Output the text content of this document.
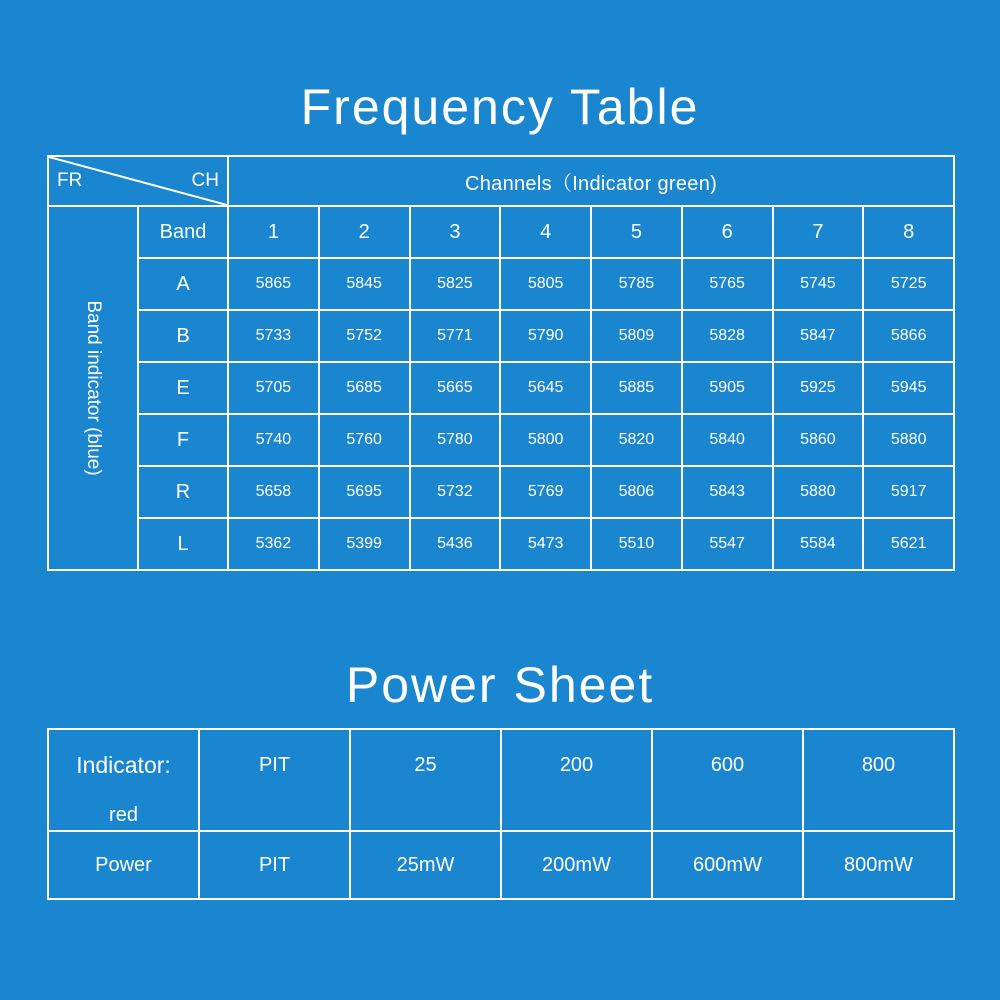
Frequency Table
FR CH		Channels（Indicator green)							

Band indicator (blue)	Band	1	2	3	4	5	6	7	8
	A	5865	5845	5825	5805	5785	5765	5745	5725
	B	5733	5752	5771	5790	5809	5828	5847	5866
	E	5705	5685	5665	5645	5885	5905	5925	5945
	F	5740	5760	5780	5800	5820	5840	5860	5880
	R	5658	5695	5732	5769	5806	5843	5880	5917
	L	5362	5399	5436	5473	5510	5547	5584	5621
Power Sheet
Indicator:
red	PIT	25	200	600	800
Power	PIT	25mW	200mW	600mW	800mW
